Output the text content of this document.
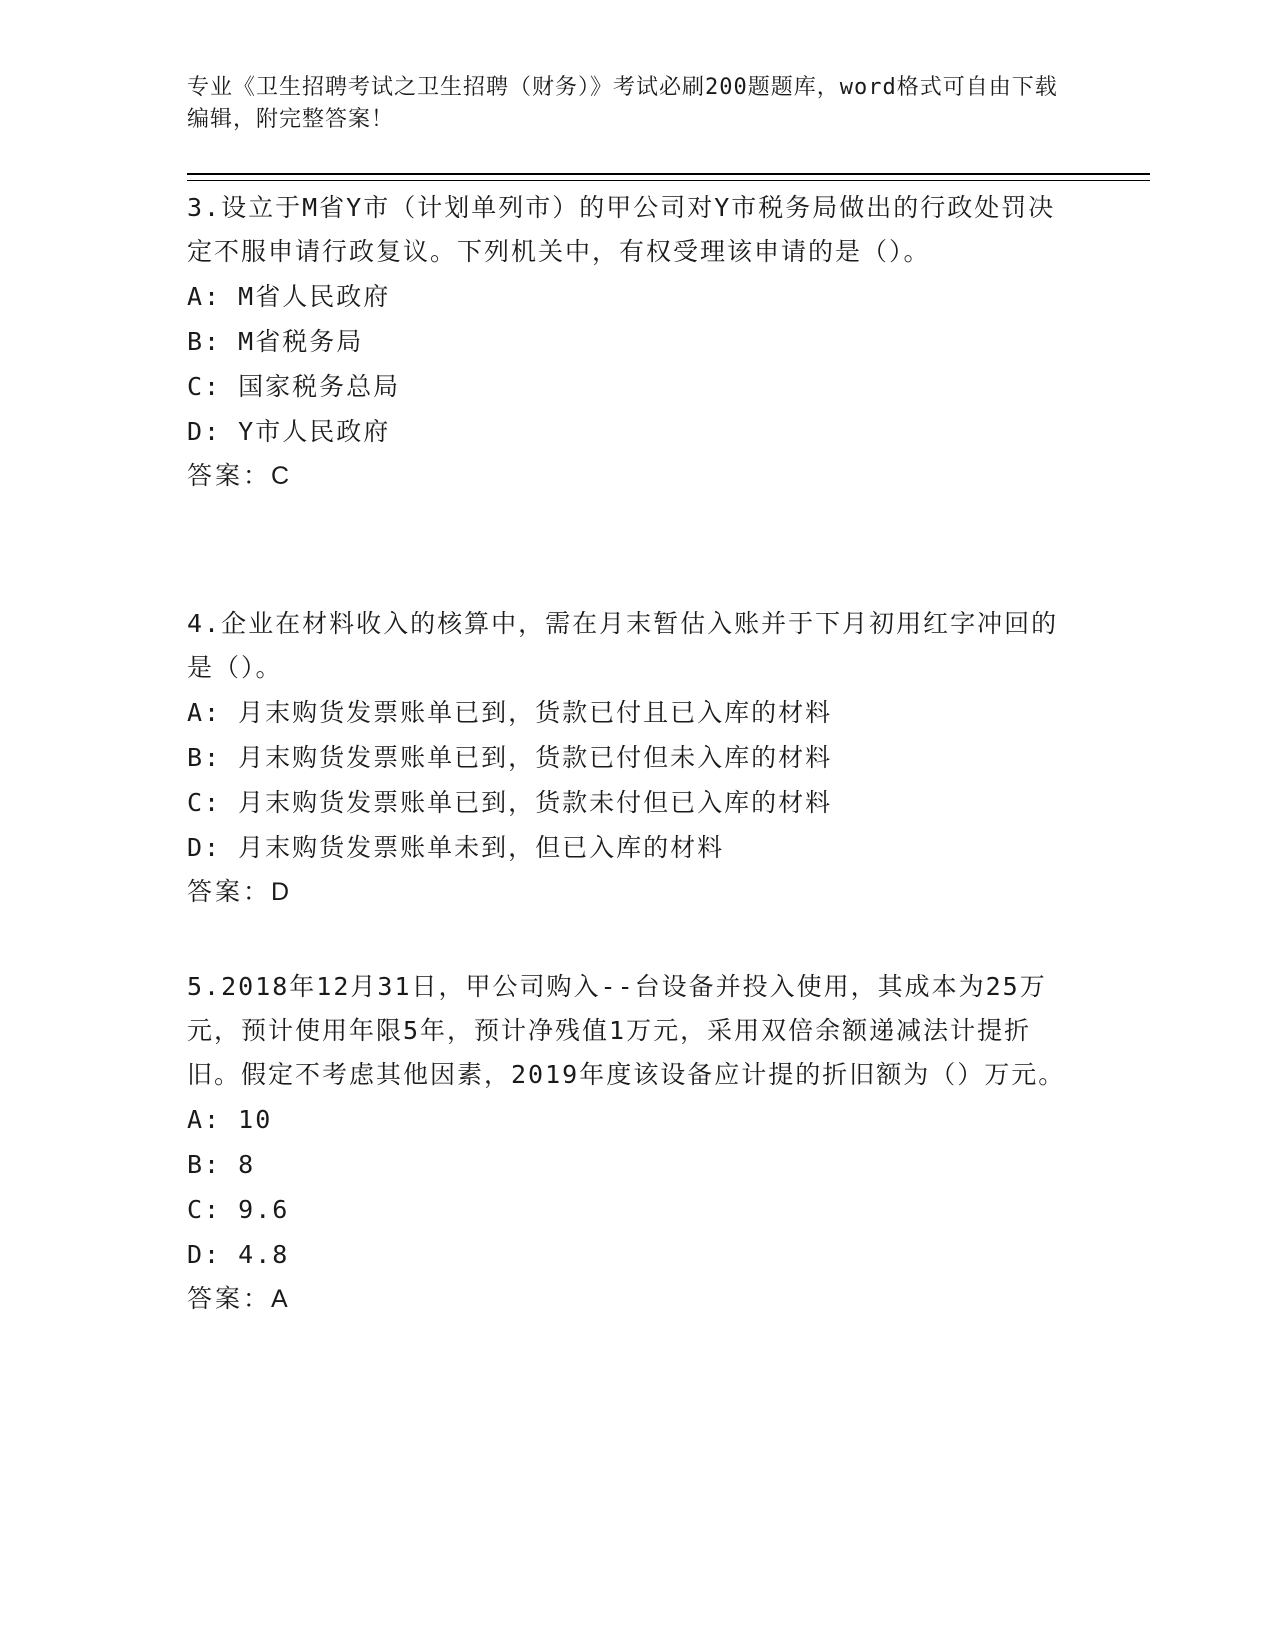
专业《卫生招聘考试之卫生招聘（财务）》考试必刷200题题库，word格式可自由下载编辑，附完整答案！
3.设立于M省Y市（计划单列市）的甲公司对Y市税务局做出的行政处罚决定不服申请行政复议。下列机关中，有权受理该申请的是（）。
A: M省人民政府
B: M省税务局
C: 国家税务总局
D: Y市人民政府
答案：C
4.企业在材料收入的核算中，需在月末暂估入账并于下月初用红字冲回的是（）。
A: 月末购货发票账单已到，货款已付且已入库的材料
B: 月末购货发票账单已到，货款已付但未入库的材料
C: 月末购货发票账单已到，货款未付但已入库的材料
D: 月末购货发票账单未到，但已入库的材料
答案：D
5.2018年12月31日，甲公司购入--台设备并投入使用，其成本为25万元，预计使用年限5年，预计净残值1万元，采用双倍余额递减法计提折旧。假定不考虑其他因素，2019年度该设备应计提的折旧额为（）万元。
A: 10
B: 8
C: 9.6
D: 4.8
答案：A
